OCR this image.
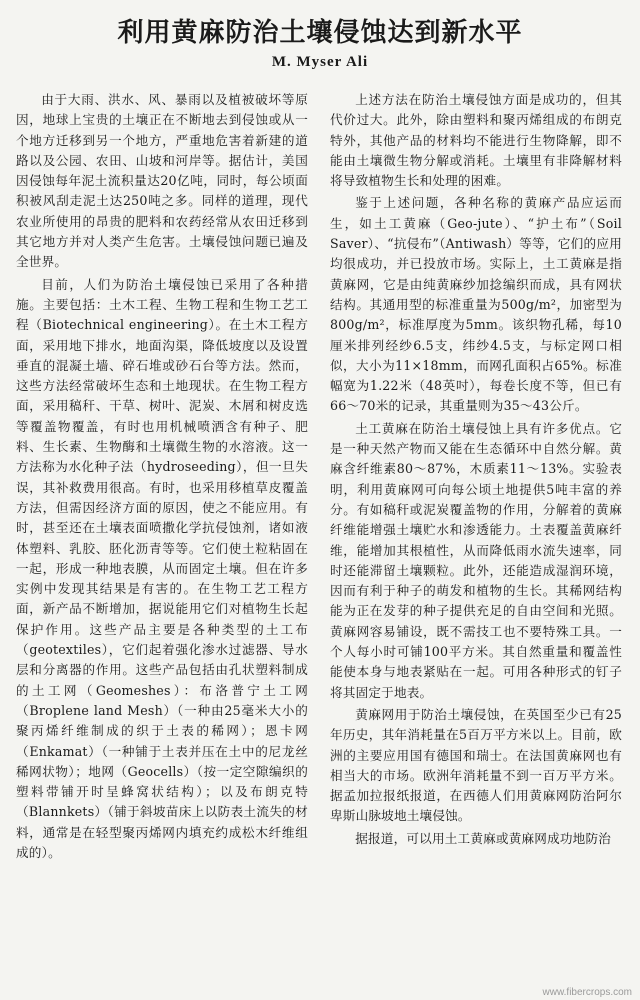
利用黄麻防治土壤侵蚀达到新水平
M. Myser Ali

由于大雨、洪水、风、暴雨以及植被破坏等原因，地球上宝贵的土壤正在不断地去到侵蚀或从一个地方迁移到另一个地方，严重地危害着新建的道路以及公园、农田、山坡和河岸等。据估计，美国因侵蚀每年泥土流积量达20亿吨，同时，每公顷面积被风刮走泥土达250吨之多。同样的道理，现代农业所使用的昂贵的肥料和农药经常从农田迁移到其它地方并对人类产生危害。土壤侵蚀问题已遍及全世界。

目前，人们为防治土壤侵蚀已采用了各种措施。主要包括：土木工程、生物工程和生物工艺工程（Biotechnical engineering）。在土木工程方面，采用地下排水，地面沟渠，降低坡度以及设置垂直的混凝土墙、碎石堆或砂石台等方法。然而，这些方法经常破坏生态和土地现状。在生物工程方面，采用稿秆、干草、树叶、泥炭、木屑和树皮选等覆盖物覆盖，有时也用机械喷洒含有种子、肥料、生长素、生物酶和土壤微生物的水溶液。这一方法称为水化种子法（hydroseeding），但一旦失误，其补救费用很高。有时，也采用移植草皮覆盖方法，但需因经济方面的原因，使之不能应用。有时，甚至还在土壤表面喷撒化学抗侵蚀剂，诸如液体塑料、乳胶、胚化沥青等等。它们使土粒粘固在一起，形成一种地表膜，从而固定土壤。但在许多实例中发现其结果是有害的。在生物工艺工程方面，新产品不断增加，据说能用它们对植物生长起保护作用。这些产品主要是各种类型的土工布（geotextiles），它们起着强化渗水过滤器、导水层和分离器的作用。这些产品包括由孔状塑料制成的土工网（Geomeshes）：布洛普宁土工网（Broplene land Mesh）（一种由25毫米大小的聚丙烯纤维制成的织于土表的稀网）；恩卡网（Enkamat）（一种铺于土表并压在土中的尼龙丝稀网状物）；地网（Geocells）（按一定空隙编织的塑料带铺开时呈蜂窝状结构）；以及布朗克特（Blannkets）（铺于斜坡苗床上以防表土流失的材料，通常是在轻型聚丙烯网内填充约成松木纤维组成的）。

上述方法在防治土壤侵蚀方面是成功的，但其代价过大。此外，除由塑料和聚丙烯组成的布朗克特外，其他产品的材料均不能进行生物降解，即不能由土壤微生物分解或消耗。土壤里有非降解材料将导致植物生长和处理的困难。

鉴于上述问题，各种名称的黄麻产品应运而生，如土工黄麻（Geo-jute）、“护土布”（Soil Saver）、“抗侵布”（Antiwash）等等，它们的应用均很成功，并已投放市场。实际上，土工黄麻是指黄麻网，它是由纯黄麻纱加捻编织而成，具有网状结构。其通用型的标准重量为500g/m²，加密型为800g/m²，标准厚度为5mm。该织物孔稀，每10厘米排列经纱6.5支，纬纱4.5支，与标定网口相似，大小为11×18mm，而网孔面积占65%。标准幅宽为1.22米（48英吋），每卷长度不等，但已有66～70米的记录，其重量则为35～43公斤。

土工黄麻在防治土壤侵蚀上具有许多优点。它是一种天然产物而又能在生态循环中自然分解。黄麻含纤维素80～87%，木质素11～13%。实验表明，利用黄麻网可向每公顷土地提供5吨丰富的养分。有如稿秆或泥炭覆盖物的作用，分解着的黄麻纤维能增强土壤贮水和渗透能力。土表覆盖黄麻纤维，能增加其根植性，从而降低雨水流失速率，同时还能滞留土壤颗粒。此外，还能造成湿润环境，因而有利于种子的萌发和植物的生长。其稀网结构能为正在发芽的种子提供充足的自由空间和光照。黄麻网容易铺设，既不需技工也不要特殊工具。一个人每小时可铺100平方米。其自然重量和覆盖性能使本身与地表紧贴在一起。可用各种形式的钉子将其固定于地表。

黄麻网用于防治土壤侵蚀，在英国至少已有25年历史，其年消耗量在5百万平方米以上。目前，欧洲的主要应用国有德国和瑞士。在法国黄麻网也有相当大的市场。欧洲年消耗量不到一百万平方米。据孟加拉报纸报道，在西德人们用黄麻网防治阿尔卑斯山脉坡地土壤侵蚀。

据报道，可以用土工黄麻或黄麻网成功地防治

www.fibercrops.com
